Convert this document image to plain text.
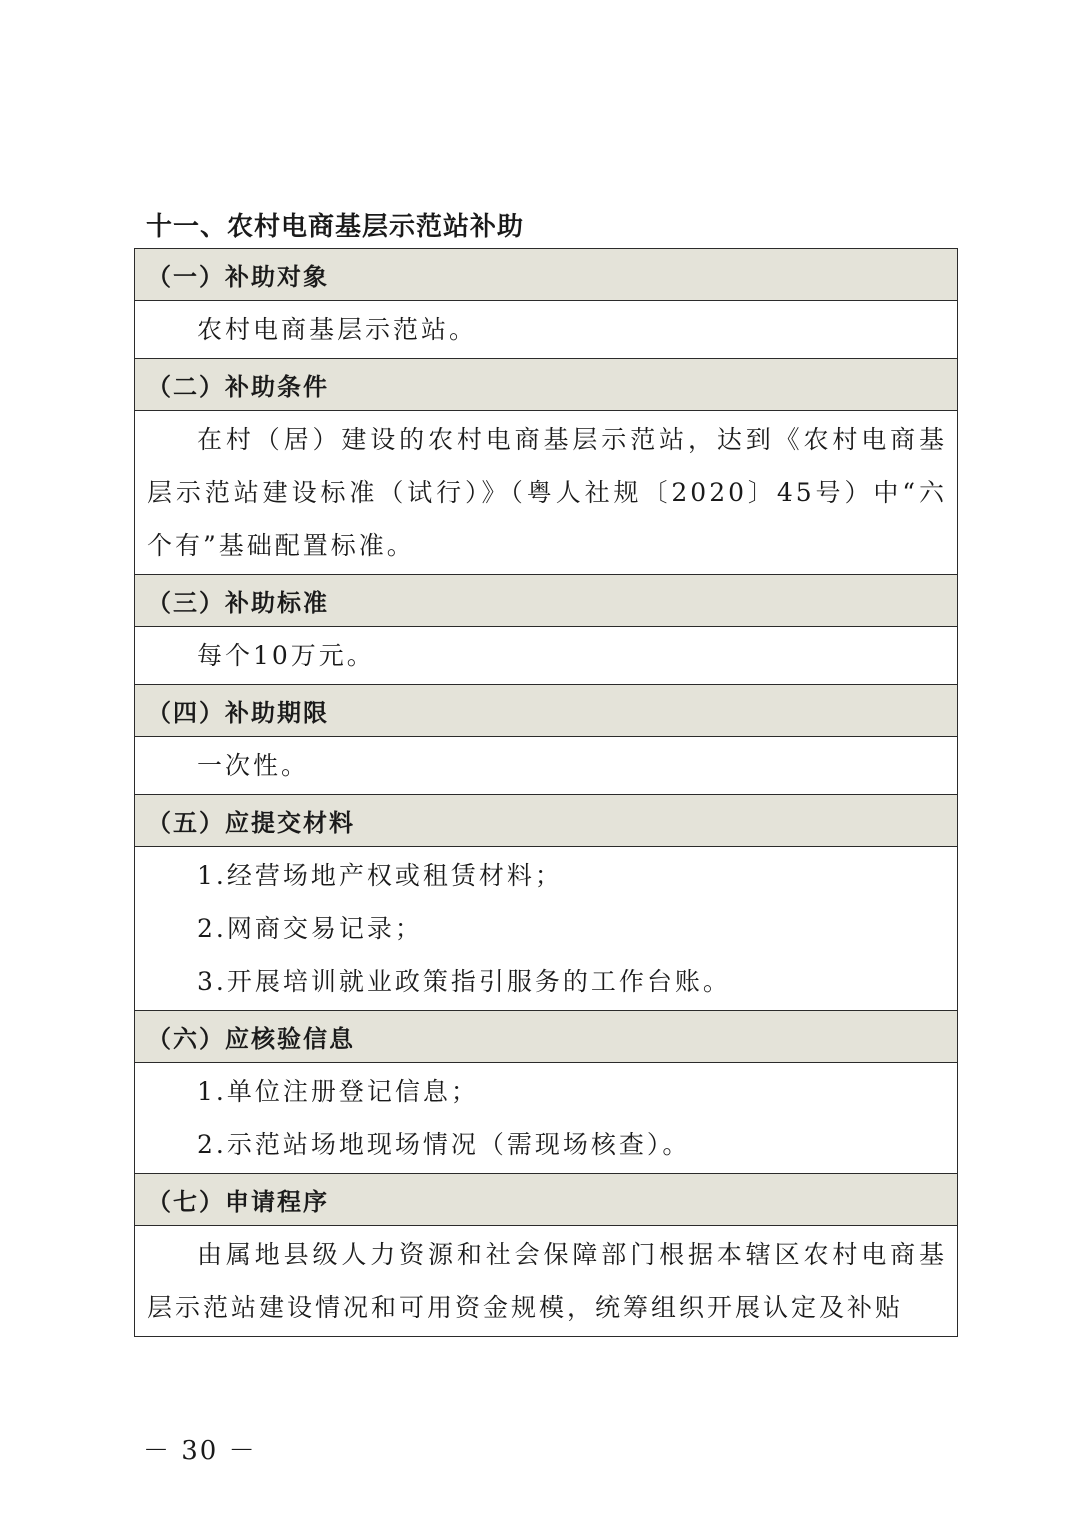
十一、农村电商基层示范站补助
（一）补助对象

农村电商基层示范站。

（二）补助条件

在村（居）建设的农村电商基层示范站，达到《农村电商基层示范站建设标准（试行）》（粤人社规〔2020〕45号）中“六个有”基础配置标准。

（三）补助标准

每个10万元。

（四）补助期限

一次性。

（五）应提交材料

1.经营场地产权或租赁材料；

2.网商交易记录；

3.开展培训就业政策指引服务的工作台账。

（六）应核验信息

1.单位注册登记信息；

2.示范站场地现场情况（需现场核查）。

（七）申请程序

由属地县级人力资源和社会保障部门根据本辖区农村电商基层示范站建设情况和可用资金规模，统筹组织开展认定及补贴

－ 30 －
